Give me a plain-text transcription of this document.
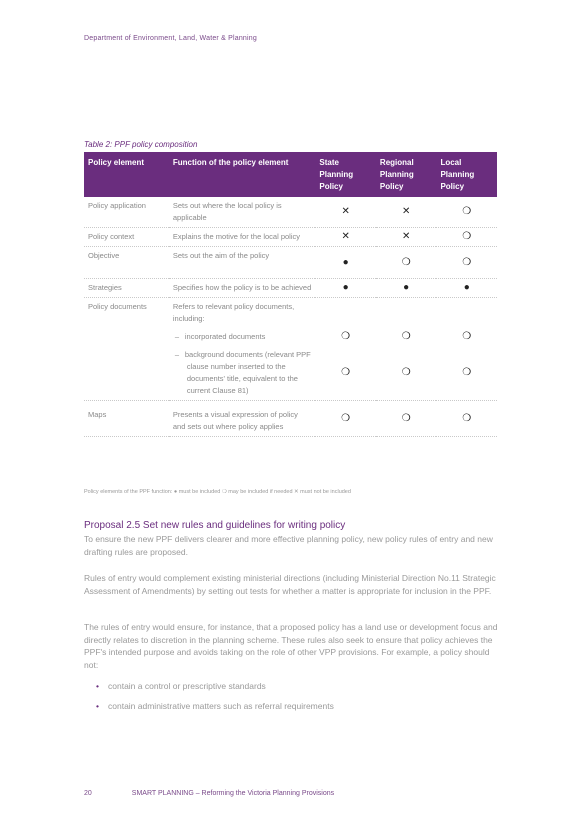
Department of Environment, Land, Water & Planning
Table 2: PPF policy composition
Policy element	Function of the policy element	State Planning Policy	Regional Planning Policy	Local Planning Policy
Policy application	Sets out where the local policy is applicable	✕	✕	❍
Policy context	Explains the motive for the local policy	✕	✕	❍
Objective	Sets out the aim of the policy	●	❍	❍
Strategies	Specifies how the policy is to be achieved	●	●	●
Policy documents	Refers to relevant policy documents, including:			
	– incorporated documents	❍	❍	❍
	– background documents (relevant PPF clause number inserted to the documents' title, equivalent to the current Clause 81)	❍	❍	❍
Maps	Presents a visual expression of policy and sets out where policy applies	❍	❍	❍
Policy elements of the PPF function: ● must be included ❍ may be included if needed ✕ must not be included
Proposal 2.5 Set new rules and guidelines for writing policy

To ensure the new PPF delivers clearer and more effective planning policy, new policy rules of entry and new drafting rules are proposed.

Rules of entry would complement existing ministerial directions (including Ministerial Direction No.11 Strategic Assessment of Amendments) by setting out tests for whether a matter is appropriate for inclusion in the PPF.

The rules of entry would ensure, for instance, that a proposed policy has a land use or development focus and directly relates to discretion in the planning scheme. These rules also seek to ensure that policy achieves the PPF's intended purpose and avoids taking on the role of other VPP provisions. For example, a policy should not:

• contain a control or prescriptive standards
• contain administrative matters such as referral requirements
20	SMART PLANNING – Reforming the Victoria Planning Provisions
